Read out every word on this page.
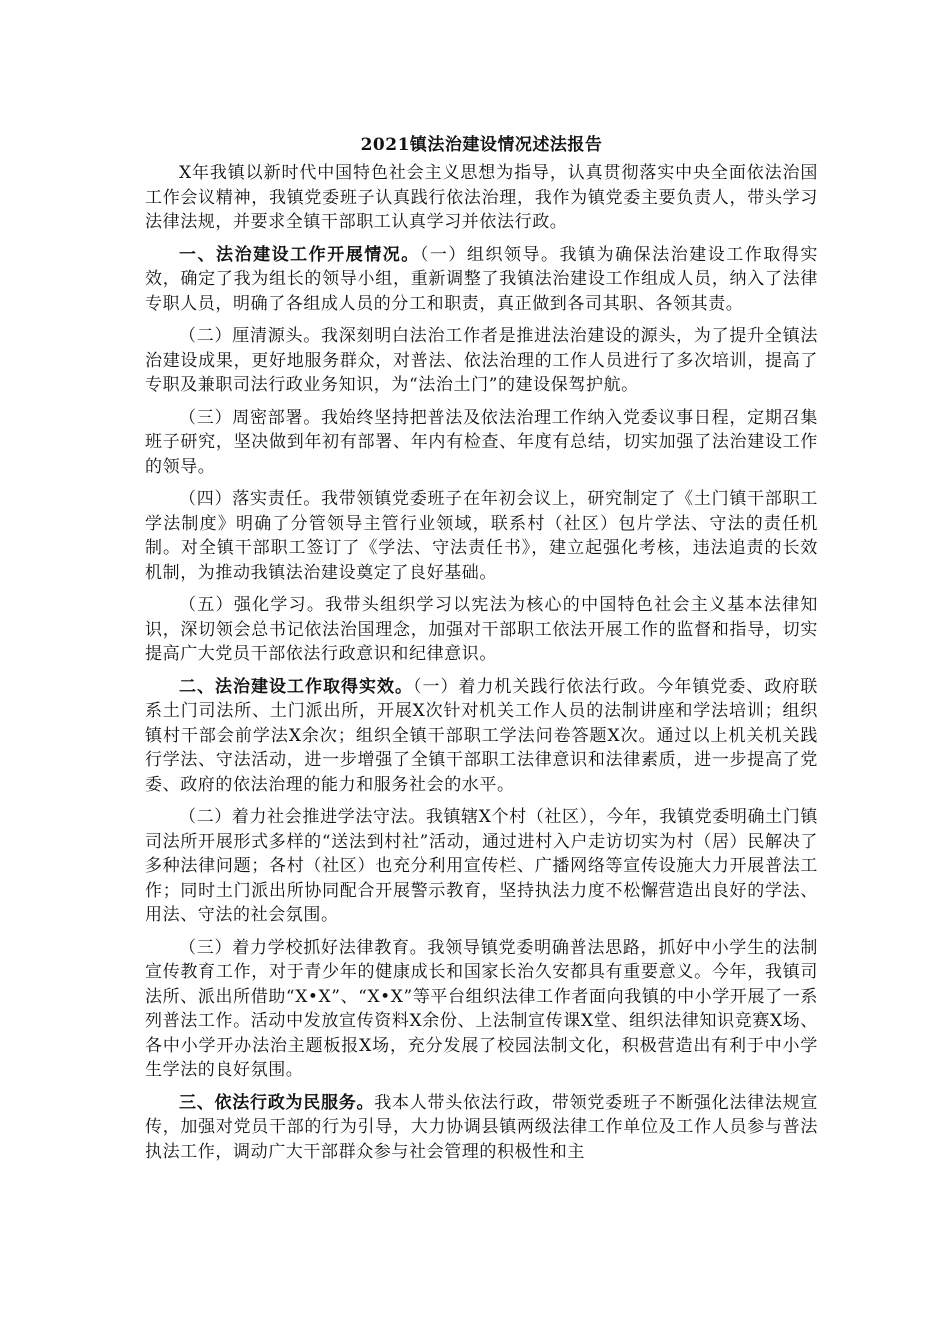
2021镇法治建设情况述法报告

X年我镇以新时代中国特色社会主义思想为指导，认真贯彻落实中央全面依法治国工作会议精神，我镇党委班子认真践行依法治理，我作为镇党委主要负责人，带头学习法律法规，并要求全镇干部职工认真学习并依法行政。

一、法治建设工作开展情况。（一）组织领导。我镇为确保法治建设工作取得实效，确定了我为组长的领导小组，重新调整了我镇法治建设工作组成人员，纳入了法律专职人员，明确了各组成人员的分工和职责，真正做到各司其职、各领其责。

（二）厘清源头。我深刻明白法治工作者是推进法治建设的源头，为了提升全镇法治建设成果，更好地服务群众，对普法、依法治理的工作人员进行了多次培训，提高了专职及兼职司法行政业务知识，为“法治土门”的建设保驾护航。

（三）周密部署。我始终坚持把普法及依法治理工作纳入党委议事日程，定期召集班子研究，坚决做到年初有部署、年内有检查、年度有总结，切实加强了法治建设工作的领导。

（四）落实责任。我带领镇党委班子在年初会议上，研究制定了《土门镇干部职工学法制度》明确了分管领导主管行业领域，联系村（社区）包片学法、守法的责任机制。对全镇干部职工签订了《学法、守法责任书》，建立起强化考核，违法追责的长效机制，为推动我镇法治建设奠定了良好基础。

（五）强化学习。我带头组织学习以宪法为核心的中国特色社会主义基本法律知识，深切领会总书记依法治国理念，加强对干部职工依法开展工作的监督和指导，切实提高广大党员干部依法行政意识和纪律意识。

二、法治建设工作取得实效。（一）着力机关践行依法行政。今年镇党委、政府联系土门司法所、土门派出所，开展X次针对机关工作人员的法制讲座和学法培训；组织镇村干部会前学法X余次；组织全镇干部职工学法问卷答题X次。通过以上机关机关践行学法、守法活动，进一步增强了全镇干部职工法律意识和法律素质，进一步提高了党委、政府的依法治理的能力和服务社会的水平。

（二）着力社会推进学法守法。我镇辖X个村（社区），今年，我镇党委明确土门镇司法所开展形式多样的“送法到村社”活动，通过进村入户走访切实为村（居）民解决了多种法律问题；各村（社区）也充分利用宣传栏、广播网络等宣传设施大力开展普法工作；同时土门派出所协同配合开展警示教育，坚持执法力度不松懈营造出良好的学法、用法、守法的社会氛围。

（三）着力学校抓好法律教育。我领导镇党委明确普法思路，抓好中小学生的法制宣传教育工作，对于青少年的健康成长和国家长治久安都具有重要意义。今年，我镇司法所、派出所借助“X•X”、“X•X”等平台组织法律工作者面向我镇的中小学开展了一系列普法工作。活动中发放宣传资料X余份、上法制宣传课X堂、组织法律知识竞赛X场、各中小学开办法治主题板报X场，充分发展了校园法制文化，积极营造出有利于中小学生学法的良好氛围。

三、依法行政为民服务。我本人带头依法行政，带领党委班子不断强化法律法规宣传，加强对党员干部的行为引导，大力协调县镇两级法律工作单位及工作人员参与普法执法工作，调动广大干部群众参与社会管理的积极性和主
